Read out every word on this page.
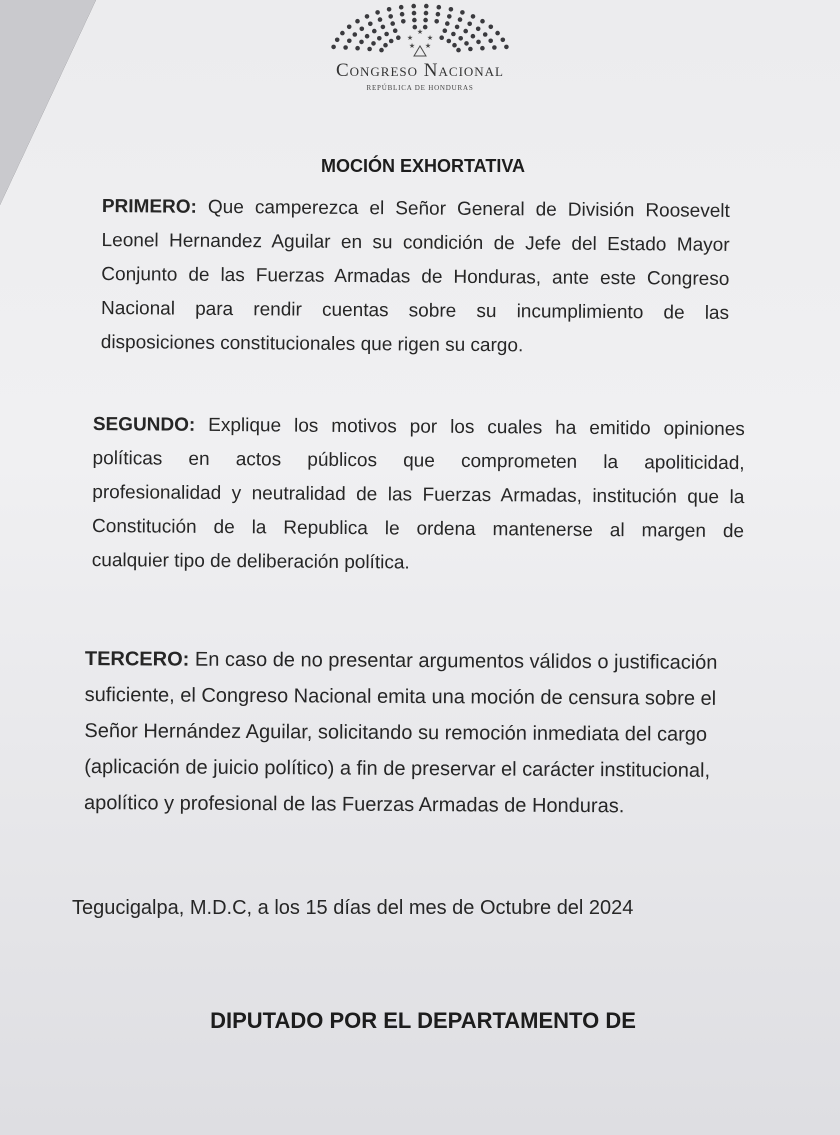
★ ★
★
★ ★
Congreso Nacional
REPÚBLICA DE HONDURAS
MOCIÓN EXHORTATIVA
PRIMERO: Que camperezca el Señor General de División Roosevelt
Leonel Hernandez Aguilar en su condición de Jefe del Estado Mayor
Conjunto de las Fuerzas Armadas de Honduras, ante este Congreso
Nacional para rendir cuentas sobre su incumplimiento de las
disposiciones constitucionales que rigen su cargo.
SEGUNDO: Explique los motivos por los cuales ha emitido opiniones
políticas en actos públicos que comprometen la apoliticidad,
profesionalidad y neutralidad de las Fuerzas Armadas, institución que la
Constitución de la Republica le ordena mantenerse al margen de
cualquier tipo de deliberación política.
TERCERO: En caso de no presentar argumentos válidos o justificación
suficiente, el Congreso Nacional emita una moción de censura sobre el
Señor Hernández Aguilar, solicitando su remoción inmediata del cargo
(aplicación de juicio político) a fin de preservar el carácter institucional,
apolítico y profesional de las Fuerzas Armadas de Honduras.
Tegucigalpa, M.D.C, a los 15 días del mes de Octubre del 2024
DIPUTADO POR EL DEPARTAMENTO DE
